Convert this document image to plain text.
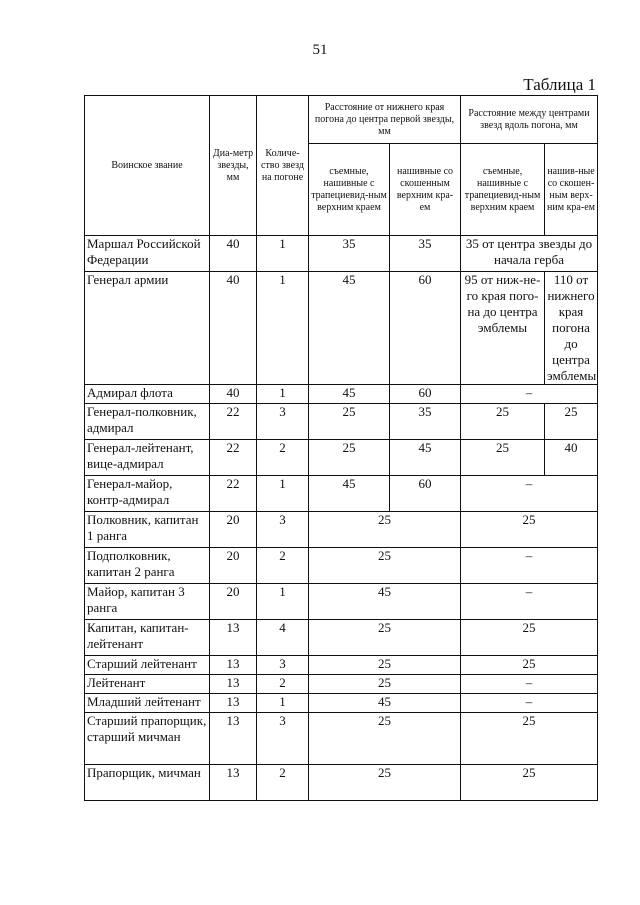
51
Таблица 1
Воинское звание	Диа-метр звезды, мм	Количе-ство звезд на погоне	Расстояние от нижнего края погона до центра первой звезды, мм		Расстояние между центрами звезд вдоль погона, мм	
			съемные, нашивные с трапециевид-ным верхним краем	нашивные со скошенным верхним кра-ем	съемные, нашивные с трапециевид-ным верхним краем	нашив-ные со скошен-ным верх-ним кра-ем
Маршал Российской Федерации	40	1	35	35	35 от центра звезды до начала герба	
Генерал армии	40	1	45	60	95 от ниж-не-го края пого-на до центра эмблемы	110 от нижнего края погона до центра эмблемы
Адмирал флота	40	1	45	60	–	
Генерал-полковник, адмирал	22	3	25	35	25	25
Генерал-лейтенант, вице-адмирал	22	2	25	45	25	40
Генерал-майор, контр-адмирал	22	1	45	60	–	
Полковник, капитан 1 ранга	20	3	25		25	
Подполковник, капитан 2 ранга	20	2	25		–	
Майор, капитан 3 ранга	20	1	45		–	
Капитан, капитан-лейтенант	13	4	25		25	
Старший лейтенант	13	3	25		25	
Лейтенант	13	2	25		–	
Младший лейтенант	13	1	45		–	
Старший прапорщик, старший мичман	13	3	25		25	
Прапорщик, мичман	13	2	25		25	
